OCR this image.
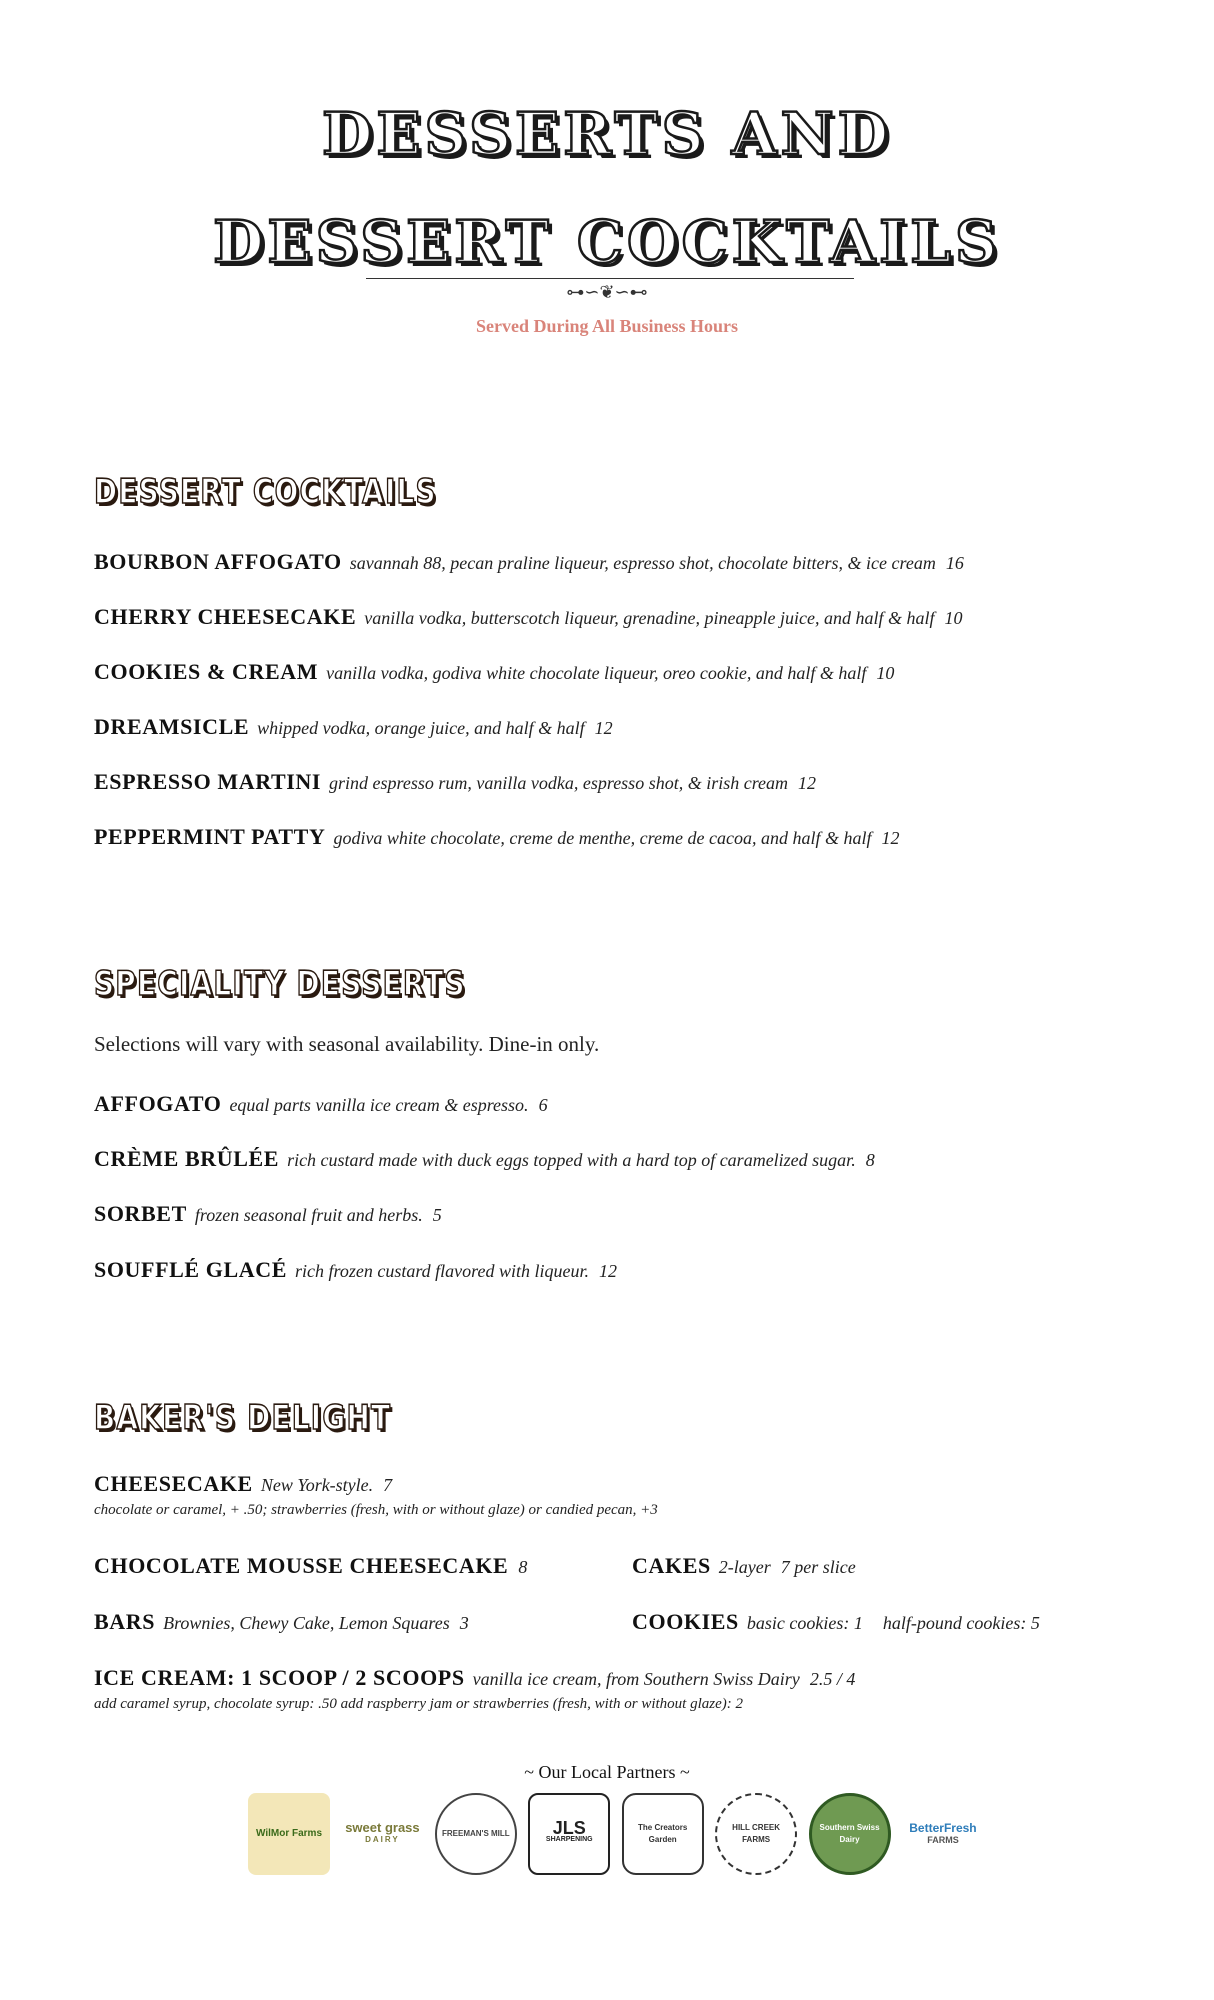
DESSERTS AND
DESSERT COCKTAILS
⊶∽❦∽⊷
Served During All Business Hours
DESSERT COCKTAILS
BOURBON AFFOGATO savannah 88, pecan praline liqueur, espresso shot, chocolate bitters, & ice cream 16
CHERRY CHEESECAKE vanilla vodka, butterscotch liqueur, grenadine, pineapple juice, and half & half 10
COOKIES & CREAM vanilla vodka, godiva white chocolate liqueur, oreo cookie, and half & half 10
DREAMSICLE whipped vodka, orange juice, and half & half 12
ESPRESSO MARTINI grind espresso rum, vanilla vodka, espresso shot, & irish cream 12
PEPPERMINT PATTY godiva white chocolate, creme de menthe, creme de cacoa, and half & half 12
SPECIALITY DESSERTS
Selections will vary with seasonal availability. Dine-in only.
AFFOGATO equal parts vanilla ice cream & espresso. 6
CRÈME BRÛLÉE rich custard made with duck eggs topped with a hard top of caramelized sugar. 8
SORBET frozen seasonal fruit and herbs. 5
SOUFFLÉ GLACÉ rich frozen custard flavored with liqueur. 12
BAKER'S DELIGHT
CHEESECAKE New York-style. 7
chocolate or caramel, + .50; strawberries (fresh, with or without glaze) or candied pecan, +3
CHOCOLATE MOUSSE CHEESECAKE 8	CAKES 2-layer 7 per slice
BARS Brownies, Chewy Cake, Lemon Squares 3	COOKIES basic cookies: 1 half-pound cookies: 5
ICE CREAM: 1 SCOOP / 2 SCOOPS vanilla ice cream, from Southern Swiss Dairy 2.5 / 4
add caramel syrup, chocolate syrup: .50 add raspberry jam or strawberries (fresh, with or without glaze): 2
~ Our Local Partners ~
WilMor Farms sweet grass
DAIRY
FREEMAN'S MILL JLS
SHARPENING
The Creators Garden
HILL CREEK FARMS
Southern Swiss Dairy
BetterFresh
FARMS
